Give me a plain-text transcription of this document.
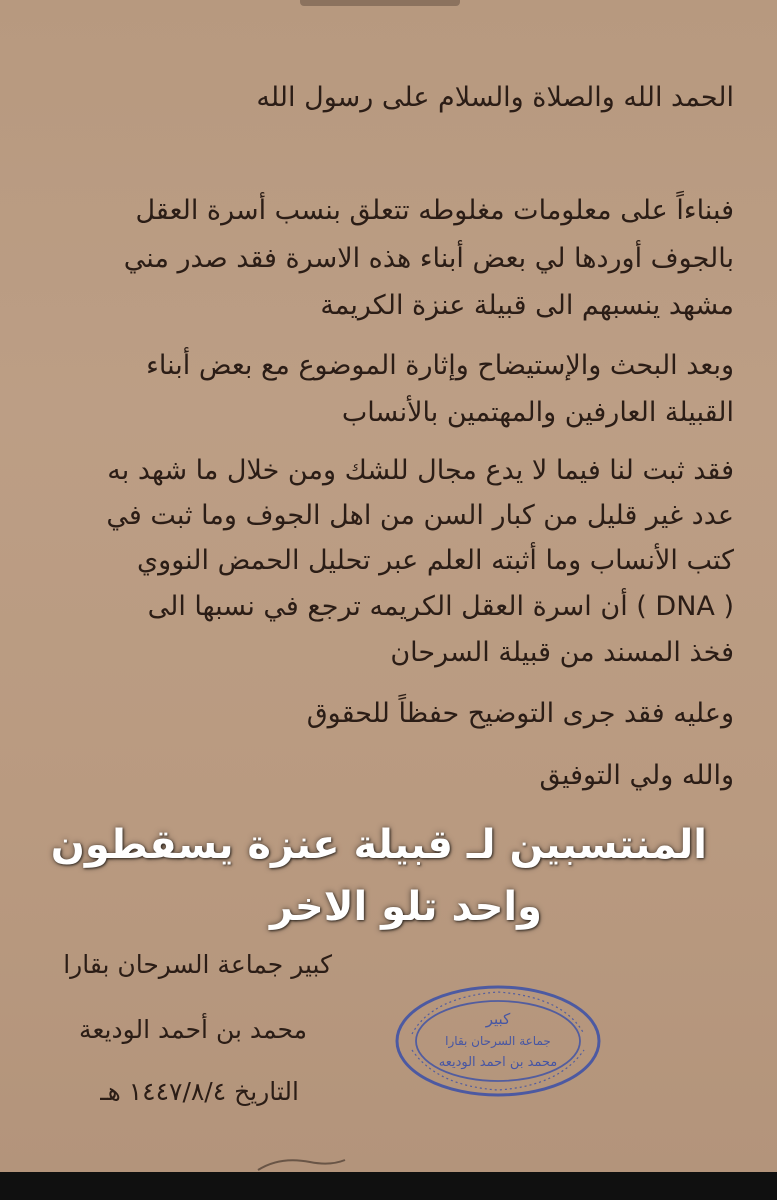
الحمد الله والصلاة والسلام على رسول الله
فبناءاً على معلومات مغلوطه تتعلق بنسب أسرة العقل
بالجوف أوردها لي بعض أبناء هذه الاسرة فقد صدر مني
مشهد ينسبهم الى قبيلة عنزة الكريمة
وبعد البحث والإستيضاح وإثارة الموضوع مع بعض أبناء
القبيلة العارفين والمهتمين بالأنساب
فقد ثبت لنا فيما لا يدع مجال للشك ومن خلال ما شهد به
عدد غير قليل من كبار السن من اهل الجوف وما ثبت في
كتب الأنساب وما أثبته العلم عبر تحليل الحمض النووي
( DNA ) أن اسرة العقل الكريمه ترجع في نسبها الى
فخذ المسند من قبيلة السرحان
وعليه فقد جرى التوضيح حفظاً للحقوق
والله ولي التوفيق
المنتسبين لـ قبيلة عنزة يسقطون
واحد تلو الاخر
كبير جماعة السرحان بقارا
محمد بن أحمد الوديعة
التاريخ ١٤٤٧/٨/٤ هـ
كبير
جماعة السرحان بقارا
محمد بن احمد الوديعه
